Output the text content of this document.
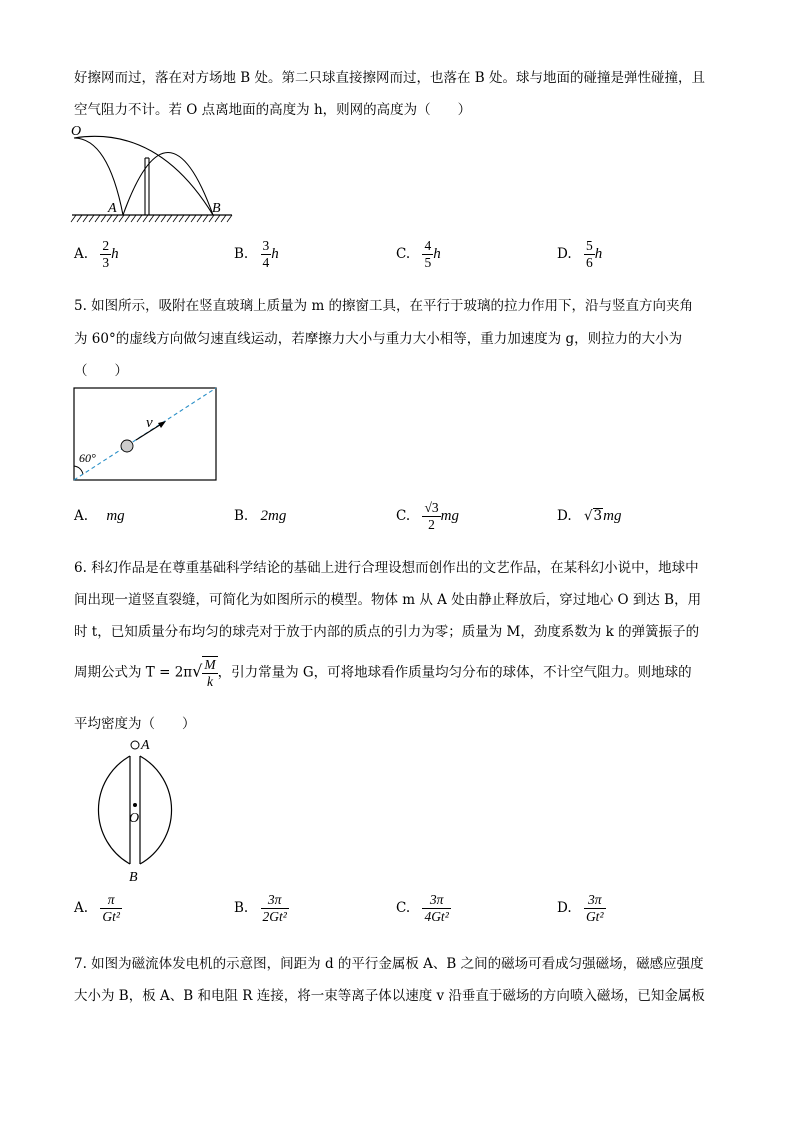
好擦网而过，落在对方场地 B 处。第二只球直接擦网而过，也落在 B 处。球与地面的碰撞是弹性碰撞，且
空气阻力不计。若 O 点离地面的高度为 h，则网的高度为（　　）
O
A	B
A. $\frac{2}{3}$ h	B. $\frac{3}{4}$ h	C. $\frac{4}{5}$ h	D. $\frac{5}{6}$ h
5. 如图所示，吸附在竖直玻璃上质量为 m 的擦窗工具，在平行于玻璃的拉力作用下，沿与竖直方向夹角
为 60°的虚线方向做匀速直线运动，若摩擦力大小与重力大小相等，重力加速度为 g，则拉力的大小为
（　　）
v
60°
A. mg	B. 2mg	C. $\frac{√3}{2}$ mg	D. √3mg
6. 科幻作品是在尊重基础科学结论的基础上进行合理设想而创作出的文艺作品，在某科幻小说中，地球中
间出现一道竖直裂缝，可简化为如图所示的模型。物体 m 从 A 处由静止释放后，穿过地心 O 到达 B，用
时 t，已知质量分布均匀的球壳对于放于内部的质点的引力为零；质量为 M，劲度系数为 k 的弹簧振子的
周期公式为 $T = 2\pi√ \frac{M}{k}$ ，引力常量为 G，可将地球看作质量均匀分布的球体，不计空气阻力。则地球的
平均密度为（　　）
A
O
B
A. $\frac{\pi}{\text{Gt²}}$	B. $\frac{3\pi}{\text{2Gt²}}$	C. $\frac{3\pi}{\text{4Gt²}}$	D. $\frac{3\pi}{\text{Gt²}}$
7. 如图为磁流体发电机的示意图，间距为 d 的平行金属板 A、B 之间的磁场可看成匀强磁场，磁感应强度
大小为 B，板 A、B 和电阻 R 连接，将一束等离子体以速度 v 沿垂直于磁场的方向喷入磁场，已知金属板
